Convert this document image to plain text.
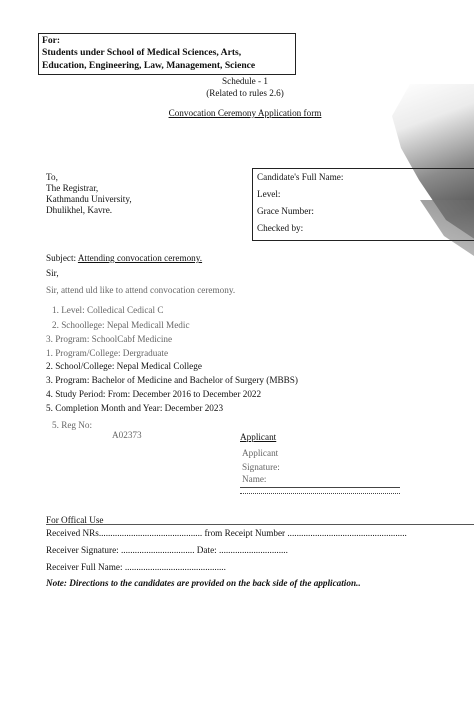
For:
Students under School of Medical Sciences, Arts,
Education, Engineering, Law, Management, Science
Schedule - 1
(Related to rules 2.6)
Convocation Ceremony Application form
To,
The Registrar,
Kathmandu University,
Dhulikhel, Kavre.
Candidate's Full Name:
Level:
Grace Number:
Checked by:
Subject: Attending convocation ceremony.
Sir,
Sir, attend uld like to attend convocation ceremony.
1. Level: Colledical Cedical C
2. Schoollege: Nepal Medicall Medic
3. Program: SchoolCabf Medicine
1. Program/College: Dergraduate
2. School/College: Nepal Medical College
3. Program: Bachelor of Medicine and Bachelor of Surgery (MBBS)
4. Study Period: From: December 2016 to December 2022
5. Completion Month and Year: December 2023
5. Reg No:
A02373	Applicant
Applicant
Signature:
Name:
For Offical Use
Received NRs............................................. from Receipt Number ....................................................
Receiver Signature: ................................ Date: ..............................
Receiver Full Name: ............................................
Note: Directions to the candidates are provided on the back side of the application..
